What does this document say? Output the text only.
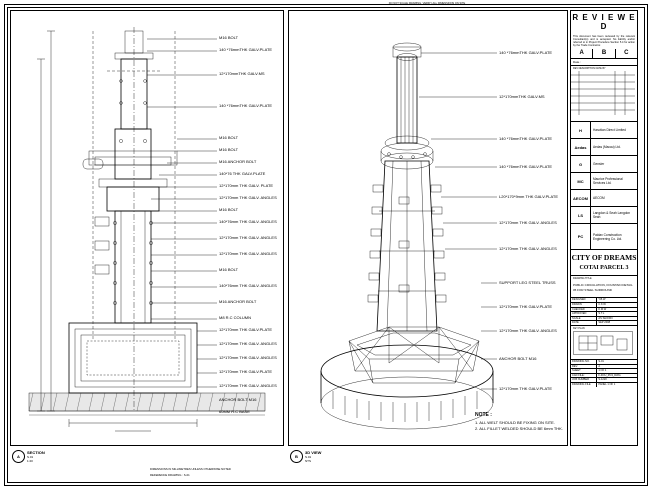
M16 BOLT
140 *76mmTHK GALV.PLATE
12*170mmTHK GALV.MS
140 *76mmTHK GALV.PLATE
M16 BOLT
M16 BOLT
M16 ANCHOR BOLT
140*76 THK GALV.PLATE
12*170mm THK GALV. PLATE
12*170mm THK GALV. ANGLES
M16 BOLT
140*76mm THK GALV. ANGLES
12*170mm THK GALV. ANGLES
12*170mm THK GALV. ANGLES
M16 BOLT
140*76mm THK GALV. ANGLES
M16 ANCHOR BOLT
M8 R.C COLUMN
12*170mm THK GALV.PLATE
12*170mm THK GALV. ANGLES
12*170mm THK GALV. ANGLES
12*170mm THK GALV.PLATE
12*170mm THK GALV. ANGLES
ANCHOR BOLT M16
60MM R.C BASE
140 *76mmTHK GALV.PLATE
12*170mmTHK GALV.MS
140 *76mmTHK GALV.PLATE
140 *76mmTHK GALV.PLATE
L20*170*9mm THK GALV.PLATE
12*170mm THK GALV. ANGLES
12*170mm THK GALV. ANGLES
SUPPORT LEG STEEL TRUSS
12*170mm THK GALV.PLATE
12*170mm THK GALV. ANGLES
ANCHOR BOLT M16
12*170mm THK GALV.PLATE
NOTE :
1. ALL WELT SHOULD BE FIXING ON SITE.
2. ALL FILLET WELDED SHOULD BE 6mm THK.
A
SECTION
S.01
1:20
B
3D VIEW
S.01
NTS
DIMENSIONS IN MILLIMETRES UNLESS OTHERWISE NOTED
REFERENCE DRAWING : S-01
DO NOT SCALE DRAWING. VERIFY ALL DIMENSIONS ON SITE
R E V I E W E D
This document has been reviewed by the relevant Consultant(s) and is accepted. No liability and/or referred to in Project Procedure Section 5.4 for action by the Trade Contractor.
A	B	C
Date :
REV DESCRIPTION DATE BY
H	Hasotian Direct Limited
Aedas	Aedas (Macau) Ltd.
G	Gensler
MC	Maurice Professional Services Ltd.
AECOM	AECOM
LS	Langdon & Seah Langdon Seah
PC	Paidax Construction Engineering Co. Ltd.
CITY OF DREAMS
COTAI PARCEL 3
DRAWING TITLE
PUBLIC CIRCULATION, FOUNTAIN DETAIL 05 FOR STEEL SURROUND
DESIGNED	Y.B.W
DRAWN	C.K.W
CHECKED	K.M.W
APPROVED	S.T.L
SCALE	AS SHOWN
DATE	SEP 2008
KEY PLAN
DRAWING NO.	S-01
REV.	A
SHEET	1 OF 1
CAD FILE :	F-FOU_PC3_DWG
JOB NUMBER	S-1220
DRAWING FILE	PANEL 1 OF 1
